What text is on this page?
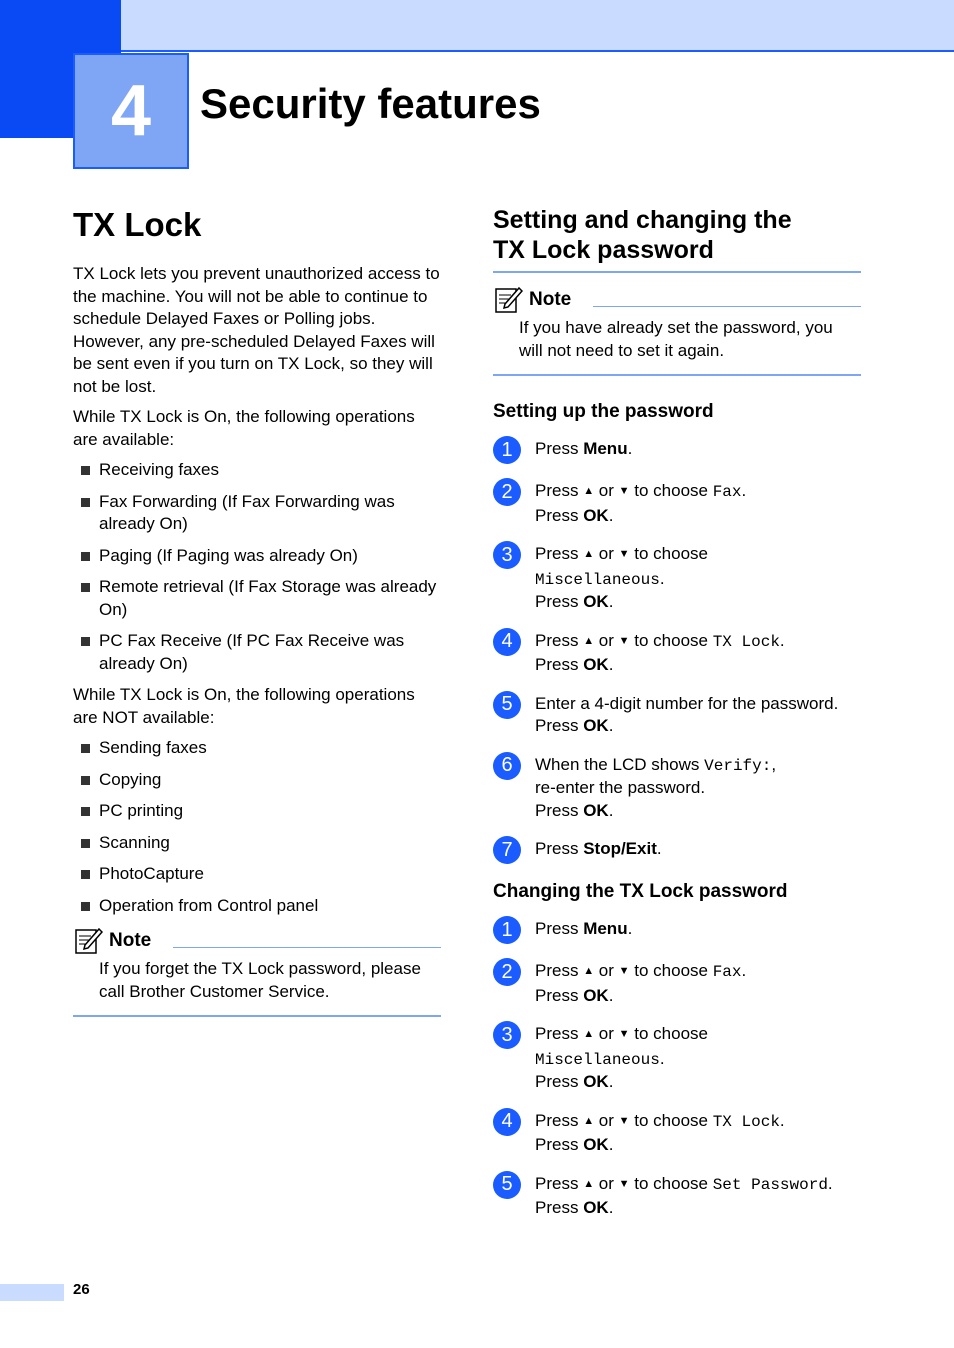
4	Security features
TX Lock

TX Lock lets you prevent unauthorized access to the machine. You will not be able to continue to schedule Delayed Faxes or Polling jobs. However, any pre-scheduled Delayed Faxes will be sent even if you turn on TX Lock, so they will not be lost.

While TX Lock is On, the following operations are available:

Receiving faxes
Fax Forwarding (If Fax Forwarding was already On)
Paging (If Paging was already On)
Remote retrieval (If Fax Storage was already On)
PC Fax Receive (If PC Fax Receive was already On)

While TX Lock is On, the following operations are NOT available:

Sending faxes
Copying
PC printing
Scanning
PhotoCapture
Operation from Control panel
Note

If you forget the TX Lock password, please call Brother Customer Service.

Setting and changing the
TX Lock password
Note

If you have already set the password, you will not need to set it again.

Setting up the password
1	Press Menu.
2	Press ▲ or ▼ to choose Fax.
Press OK.
3	Press ▲ or ▼ to choose
Miscellaneous.
Press OK.
4	Press ▲ or ▼ to choose TX Lock.
Press OK.
5	Enter a 4-digit number for the password.
Press OK.
6	When the LCD shows Verify:,
re-enter the password.
Press OK.
7	Press Stop/Exit.
Changing the TX Lock password
1	Press Menu.
2	Press ▲ or ▼ to choose Fax.
Press OK.
3	Press ▲ or ▼ to choose
Miscellaneous.
Press OK.
4	Press ▲ or ▼ to choose TX Lock.
Press OK.
5	Press ▲ or ▼ to choose Set Password.
Press OK.
26
